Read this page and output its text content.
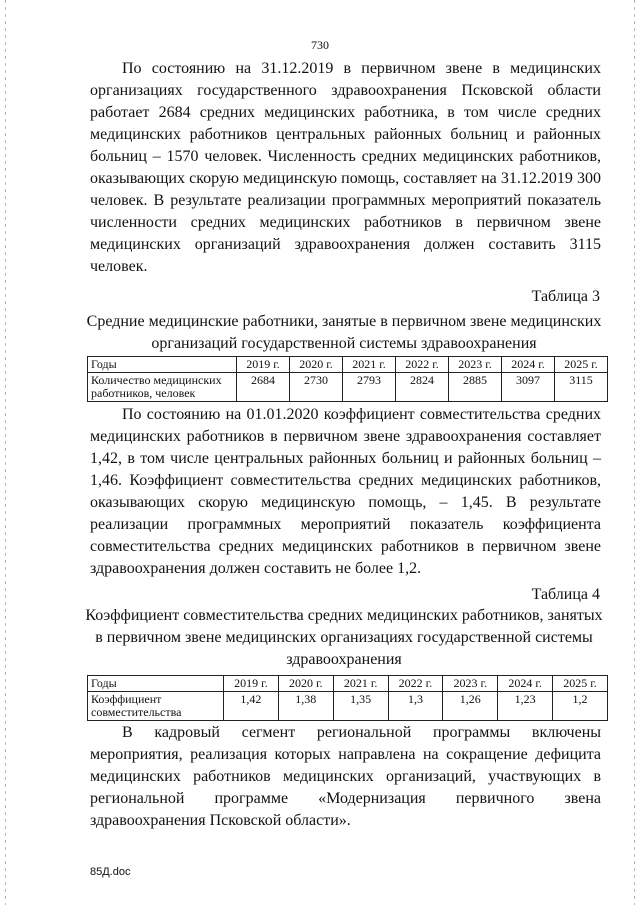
730

По состоянию на 31.12.2019 в первичном звене в медицинских организациях государственного здравоохранения Псковской области работает 2684 средних медицинских работника, в том числе средних медицинских работников центральных районных больниц и районных больниц – 1570 человек. Численность средних медицинских работников, оказывающих скорую медицинскую помощь, составляет на 31.12.2019 300 человек. В результате реализации программных мероприятий показатель численности средних медицинских работников в первичном звене медицинских организаций здравоохранения должен составить 3115 человек.

Таблица 3
Средние медицинские работники, занятые в первичном звене медицинских организаций государственной системы здравоохранения
Годы	2019 г.	2020 г.	2021 г.	2022 г.	2023 г.	2024 г.	2025 г.
Количество медицинских работников, человек	2684	2730	2793	2824	2885	3097	3115

По состоянию на 01.01.2020 коэффициент совместительства средних медицинских работников в первичном звене здравоохранения составляет 1,42, в том числе центральных районных больниц и районных больниц – 1,46. Коэффициент совместительства средних медицинских работников, оказывающих скорую медицинскую помощь, – 1,45. В результате реализации программных мероприятий показатель коэффициента совместительства средних медицинских работников в первичном звене здравоохранения должен составить не более 1,2.

Таблица 4
Коэффициент совместительства средних медицинских работников, занятых в первичном звене медицинских организациях государственной системы здравоохранения
Годы	2019 г.	2020 г.	2021 г.	2022 г.	2023 г.	2024 г.	2025 г.
Коэффициент совместительства	1,42	1,38	1,35	1,3	1,26	1,23	1,2

В кадровый сегмент региональной программы включены мероприятия, реализация которых направлена на сокращение дефицита медицинских работников медицинских организаций, участвующих в региональной программе «Модернизация первичного звена здравоохранения Псковской области».

85Д.doc
